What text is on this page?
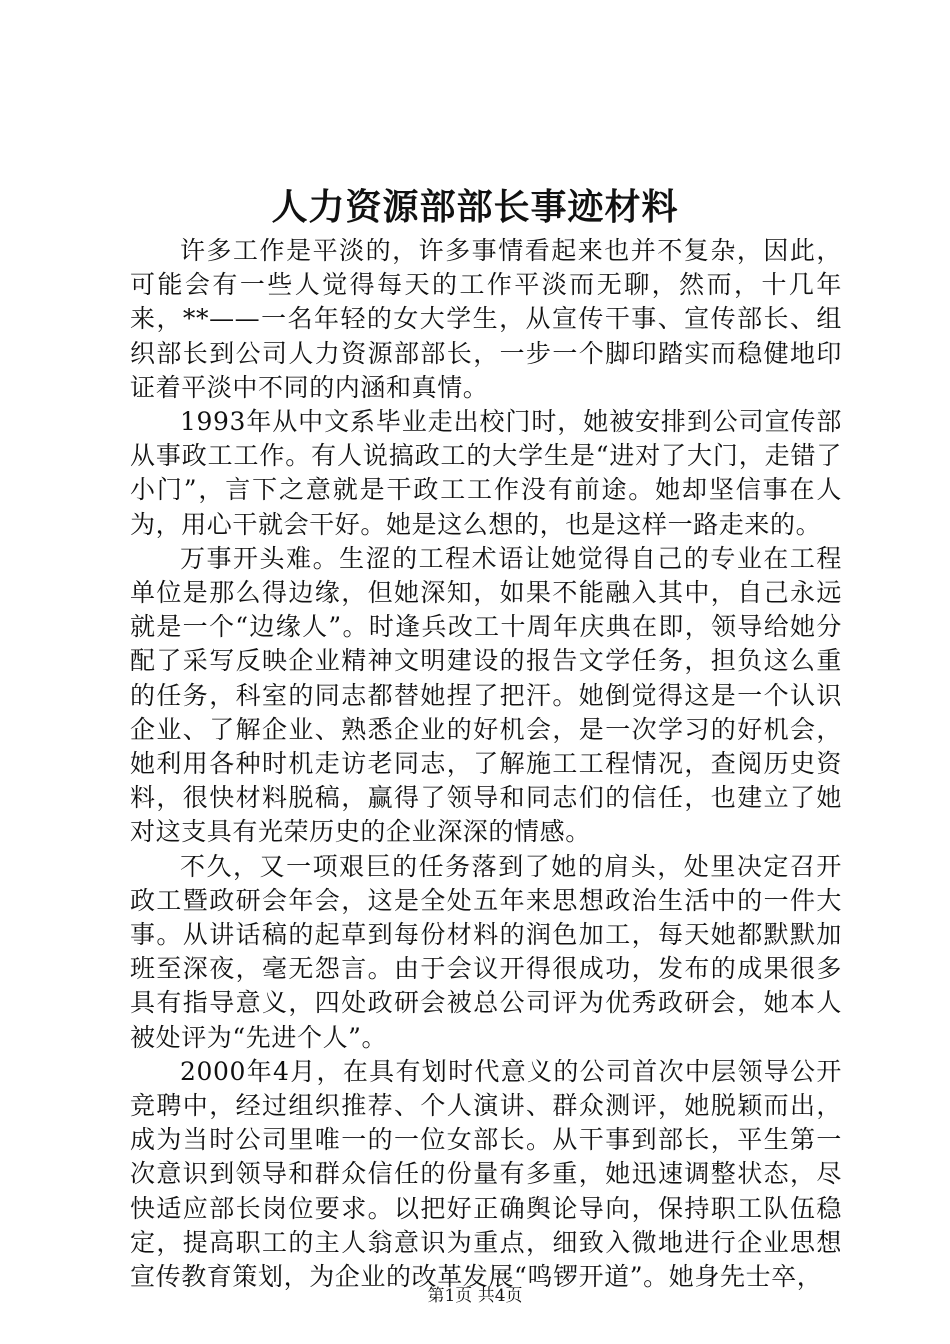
人力资源部部长事迹材料

许多工作是平淡的，许多事情看起来也并不复杂，因此，可能会有一些人觉得每天的工作平淡而无聊，然而，十几年来，**——一名年轻的女大学生，从宣传干事、宣传部长、组织部长到公司人力资源部部长，一步一个脚印踏实而稳健地印证着平淡中不同的内涵和真情。

1993年从中文系毕业走出校门时，她被安排到公司宣传部从事政工工作。有人说搞政工的大学生是“进对了大门，走错了小门”，言下之意就是干政工工作没有前途。她却坚信事在人为，用心干就会干好。她是这么想的，也是这样一路走来的。

万事开头难。生涩的工程术语让她觉得自己的专业在工程单位是那么得边缘，但她深知，如果不能融入其中，自己永远就是一个“边缘人”。时逢兵改工十周年庆典在即，领导给她分配了采写反映企业精神文明建设的报告文学任务，担负这么重的任务，科室的同志都替她捏了把汗。她倒觉得这是一个认识企业、了解企业、熟悉企业的好机会，是一次学习的好机会，她利用各种时机走访老同志，了解施工工程情况，查阅历史资料，很快材料脱稿，赢得了领导和同志们的信任，也建立了她对这支具有光荣历史的企业深深的情感。

不久，又一项艰巨的任务落到了她的肩头，处里决定召开政工暨政研会年会，这是全处五年来思想政治生活中的一件大事。从讲话稿的起草到每份材料的润色加工，每天她都默默加班至深夜，毫无怨言。由于会议开得很成功，发布的成果很多具有指导意义，四处政研会被总公司评为优秀政研会，她本人被处评为“先进个人”。

2000年4月，在具有划时代意义的公司首次中层领导公开竞聘中，经过组织推荐、个人演讲、群众测评，她脱颖而出，成为当时公司里唯一的一位女部长。从干事到部长，平生第一次意识到领导和群众信任的份量有多重，她迅速调整状态，尽快适应部长岗位要求。以把好正确舆论导向，保持职工队伍稳定，提高职工的主人翁意识为重点，细致入微地进行企业思想宣传教育策划，为企业的改革发展“鸣锣开道”。她身先士卒，

第1页 共4页
